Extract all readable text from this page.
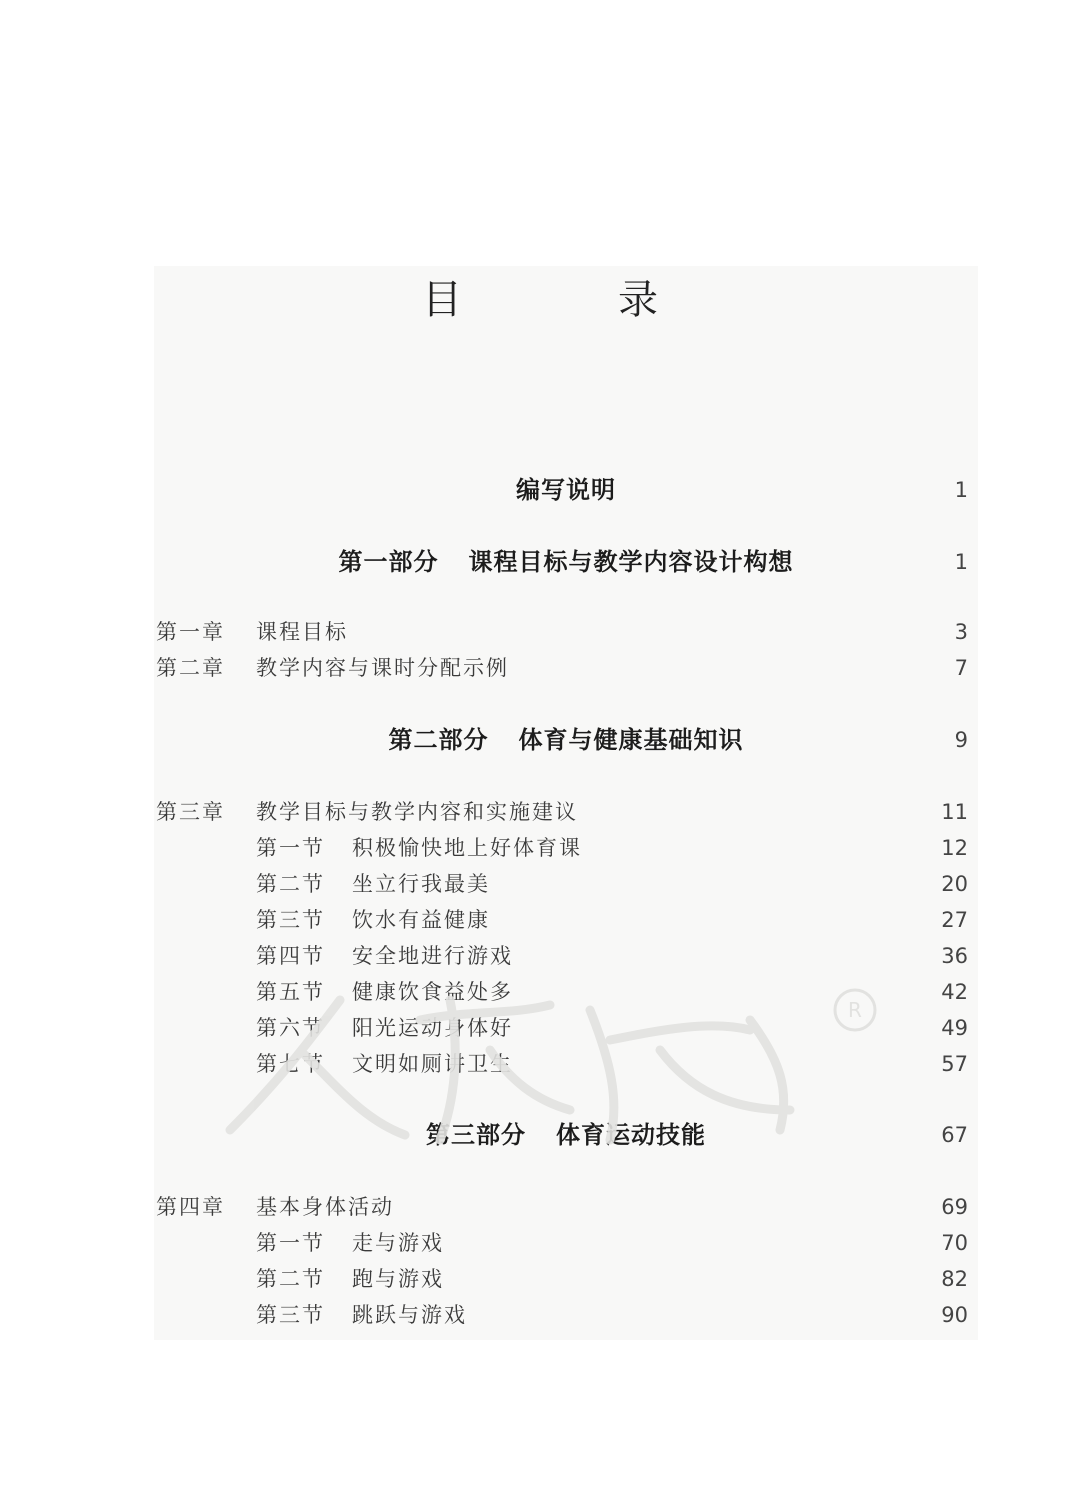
目　录
编写说明	1
第一部分 课程目标与教学内容设计构想	1
第一章 课程目标	3
第二章 教学内容与课时分配示例	7
第二部分 体育与健康基础知识	9
第三章 教学目标与教学内容和实施建议	11
第一节 积极愉快地上好体育课	12
第二节 坐立行我最美	20
第三节 饮水有益健康	27
第四节 安全地进行游戏	36
第五节 健康饮食益处多	42
第六节 阳光运动身体好	49
第七节 文明如厕讲卫生	57
第三部分 体育运动技能	67
第四章 基本身体活动	69
第一节 走与游戏	70
第二节 跑与游戏	82
第三节 跳跃与游戏	90
R
